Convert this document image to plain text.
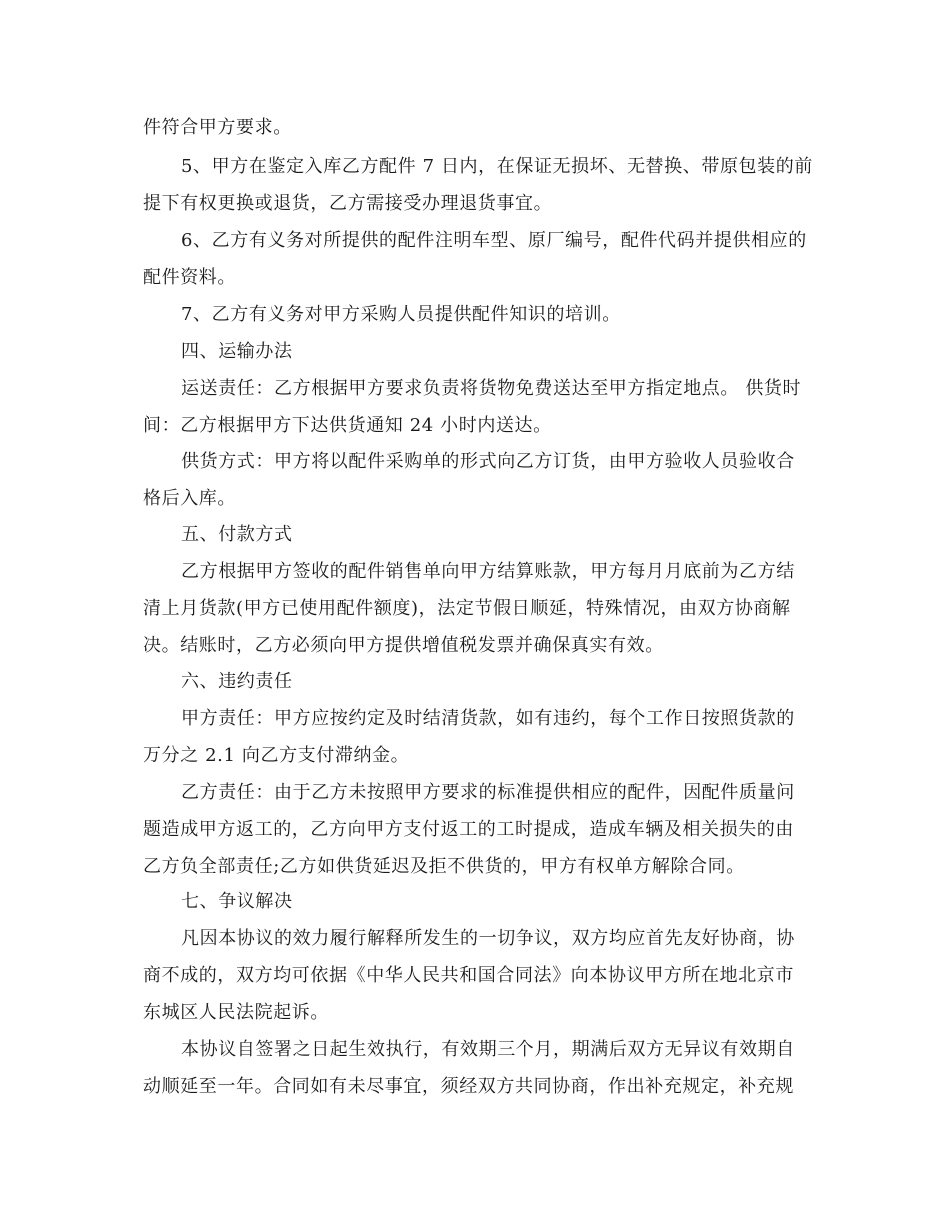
件符合甲方要求。
5、甲方在鉴定入库乙方配件 7 日内，在保证无损坏、无替换、带原包装的前
提下有权更换或退货，乙方需接受办理退货事宜。
6、乙方有义务对所提供的配件注明车型、原厂编号，配件代码并提供相应的
配件资料。
7、乙方有义务对甲方采购人员提供配件知识的培训。
四、运输办法
运送责任：乙方根据甲方要求负责将货物免费送达至甲方指定地点。 供货时
间：乙方根据甲方下达供货通知 24 小时内送达。
供货方式：甲方将以配件采购单的形式向乙方订货，由甲方验收人员验收合
格后入库。
五、付款方式
乙方根据甲方签收的配件销售单向甲方结算账款，甲方每月月底前为乙方结
清上月货款(甲方已使用配件额度)，法定节假日顺延，特殊情况，由双方协商解
决。结账时，乙方必须向甲方提供增值税发票并确保真实有效。
六、违约责任
甲方责任：甲方应按约定及时结清货款，如有违约，每个工作日按照货款的
万分之 2.1 向乙方支付滞纳金。
乙方责任：由于乙方未按照甲方要求的标准提供相应的配件，因配件质量问
题造成甲方返工的，乙方向甲方支付返工的工时提成，造成车辆及相关损失的由
乙方负全部责任;乙方如供货延迟及拒不供货的，甲方有权单方解除合同。
七、争议解决
凡因本协议的效力履行解释所发生的一切争议，双方均应首先友好协商，协
商不成的，双方均可依据《中华人民共和国合同法》向本协议甲方所在地北京市
东城区人民法院起诉。
本协议自签署之日起生效执行，有效期三个月，期满后双方无异议有效期自
动顺延至一年。合同如有未尽事宜，须经双方共同协商，作出补充规定，补充规
